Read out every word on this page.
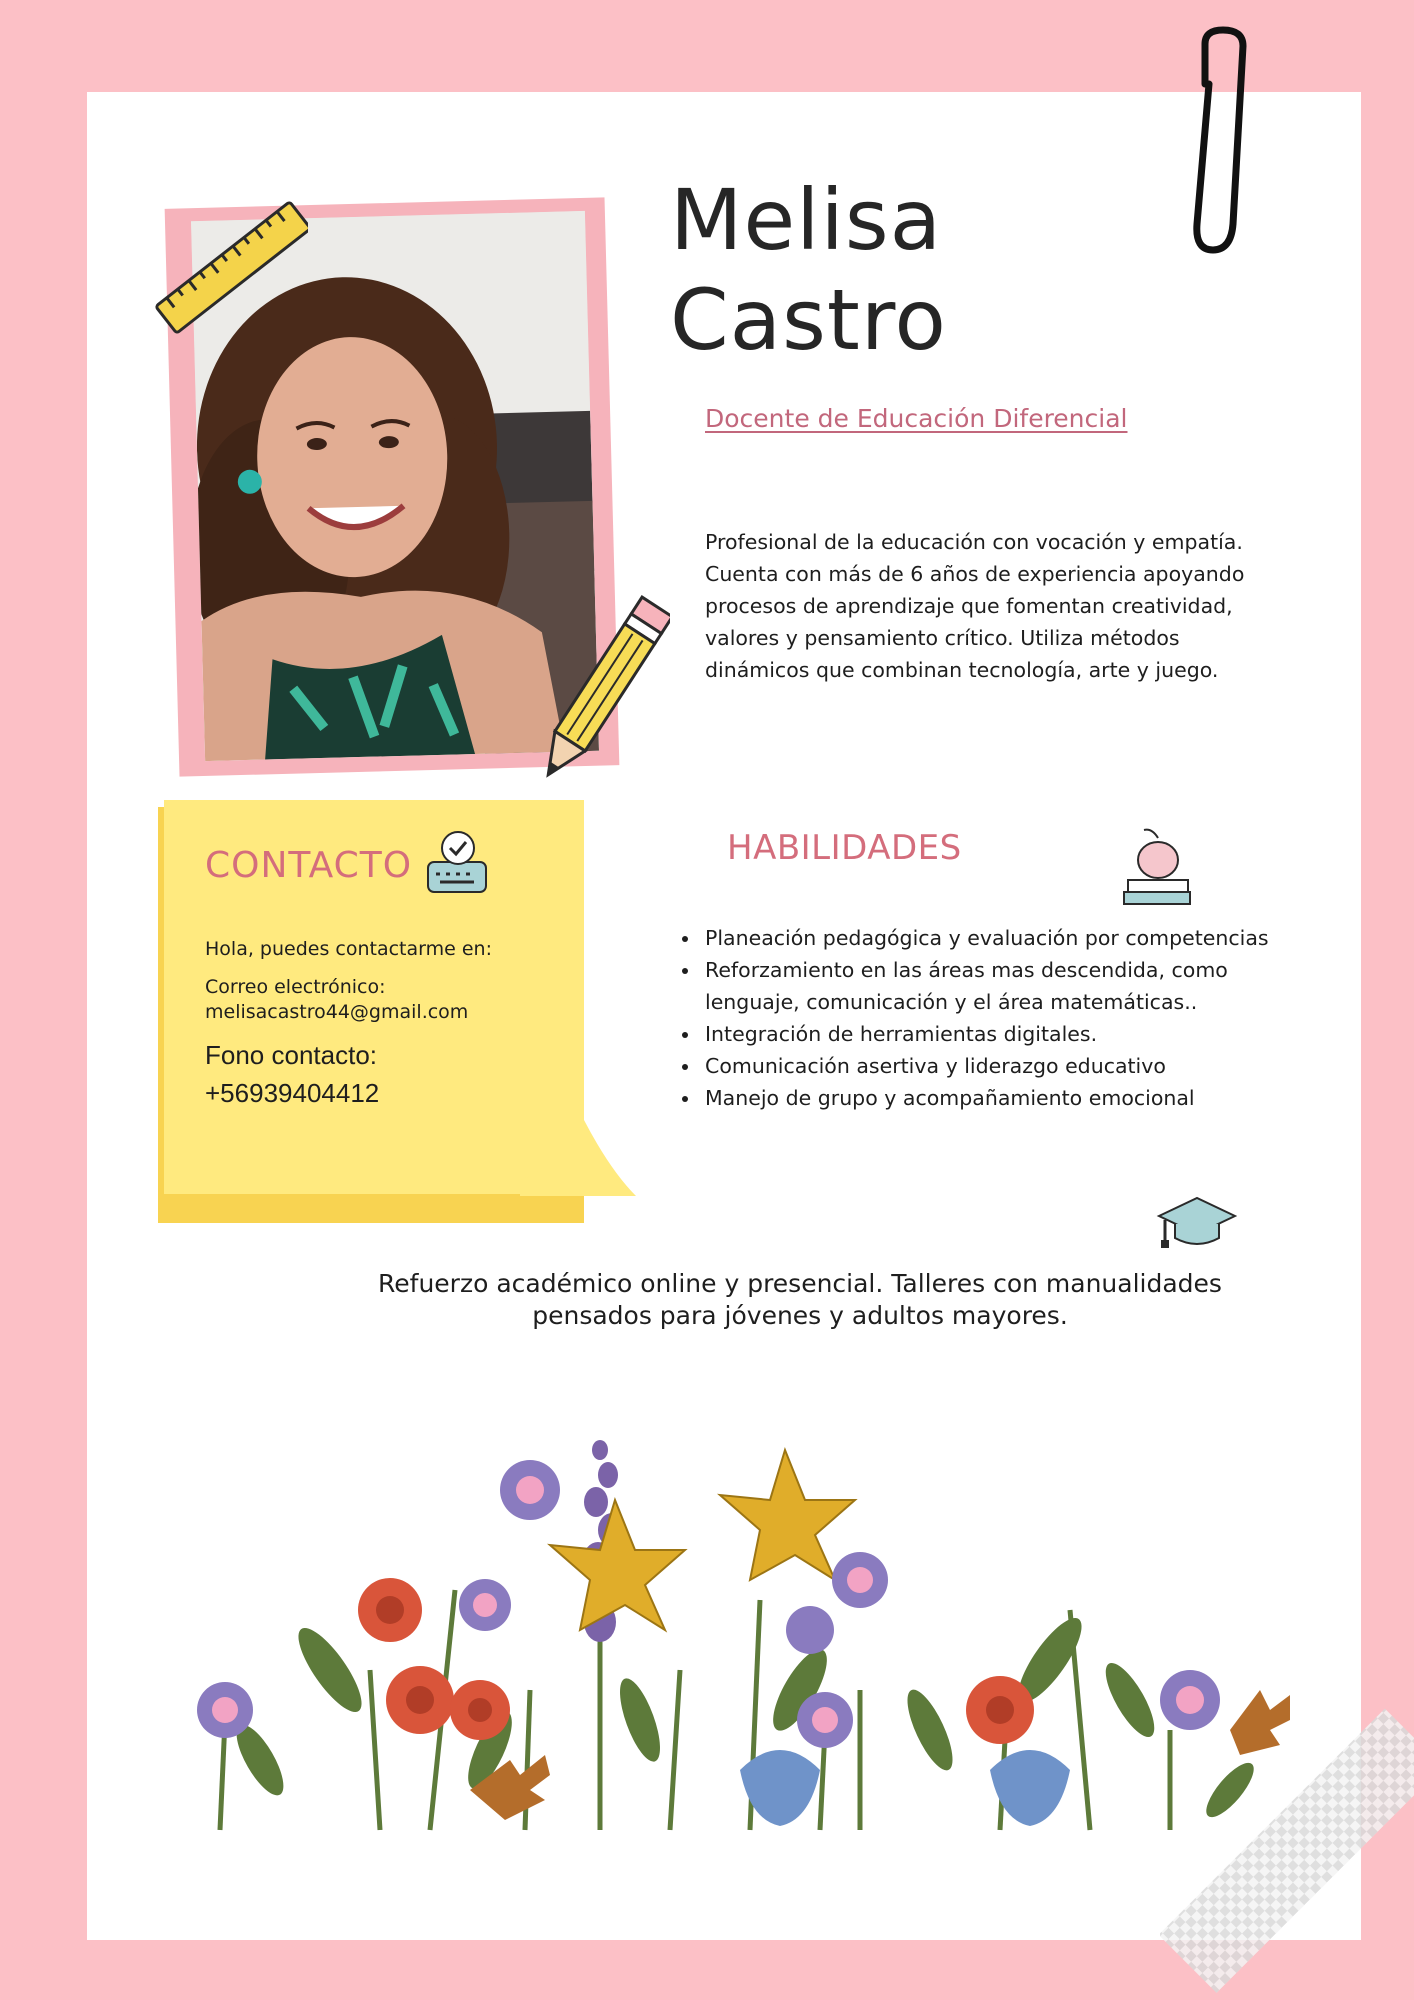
Melisa
Castro
Docente de Educación Diferencial
Profesional de la educación con vocación y empatía. Cuenta con más de 6 años de experiencia apoyando procesos de aprendizaje que fomentan creatividad, valores y pensamiento crítico. Utiliza métodos dinámicos que combinan tecnología, arte y juego.
CONTACTO
Hola, puedes contactarme en:
Correo electrónico:
melisacastro44@gmail.com
Fono contacto:
+56939404412
HABILIDADES
• Planeación pedagógica y evaluación por competencias
• Reforzamiento en las áreas mas descendida, como lenguaje, comunicación y el área matemáticas..
• Integración de herramientas digitales.
• Comunicación asertiva y liderazgo educativo
• Manejo de grupo y acompañamiento emocional
Refuerzo académico online y presencial. Talleres con manualidades pensados para jóvenes y adultos mayores.
